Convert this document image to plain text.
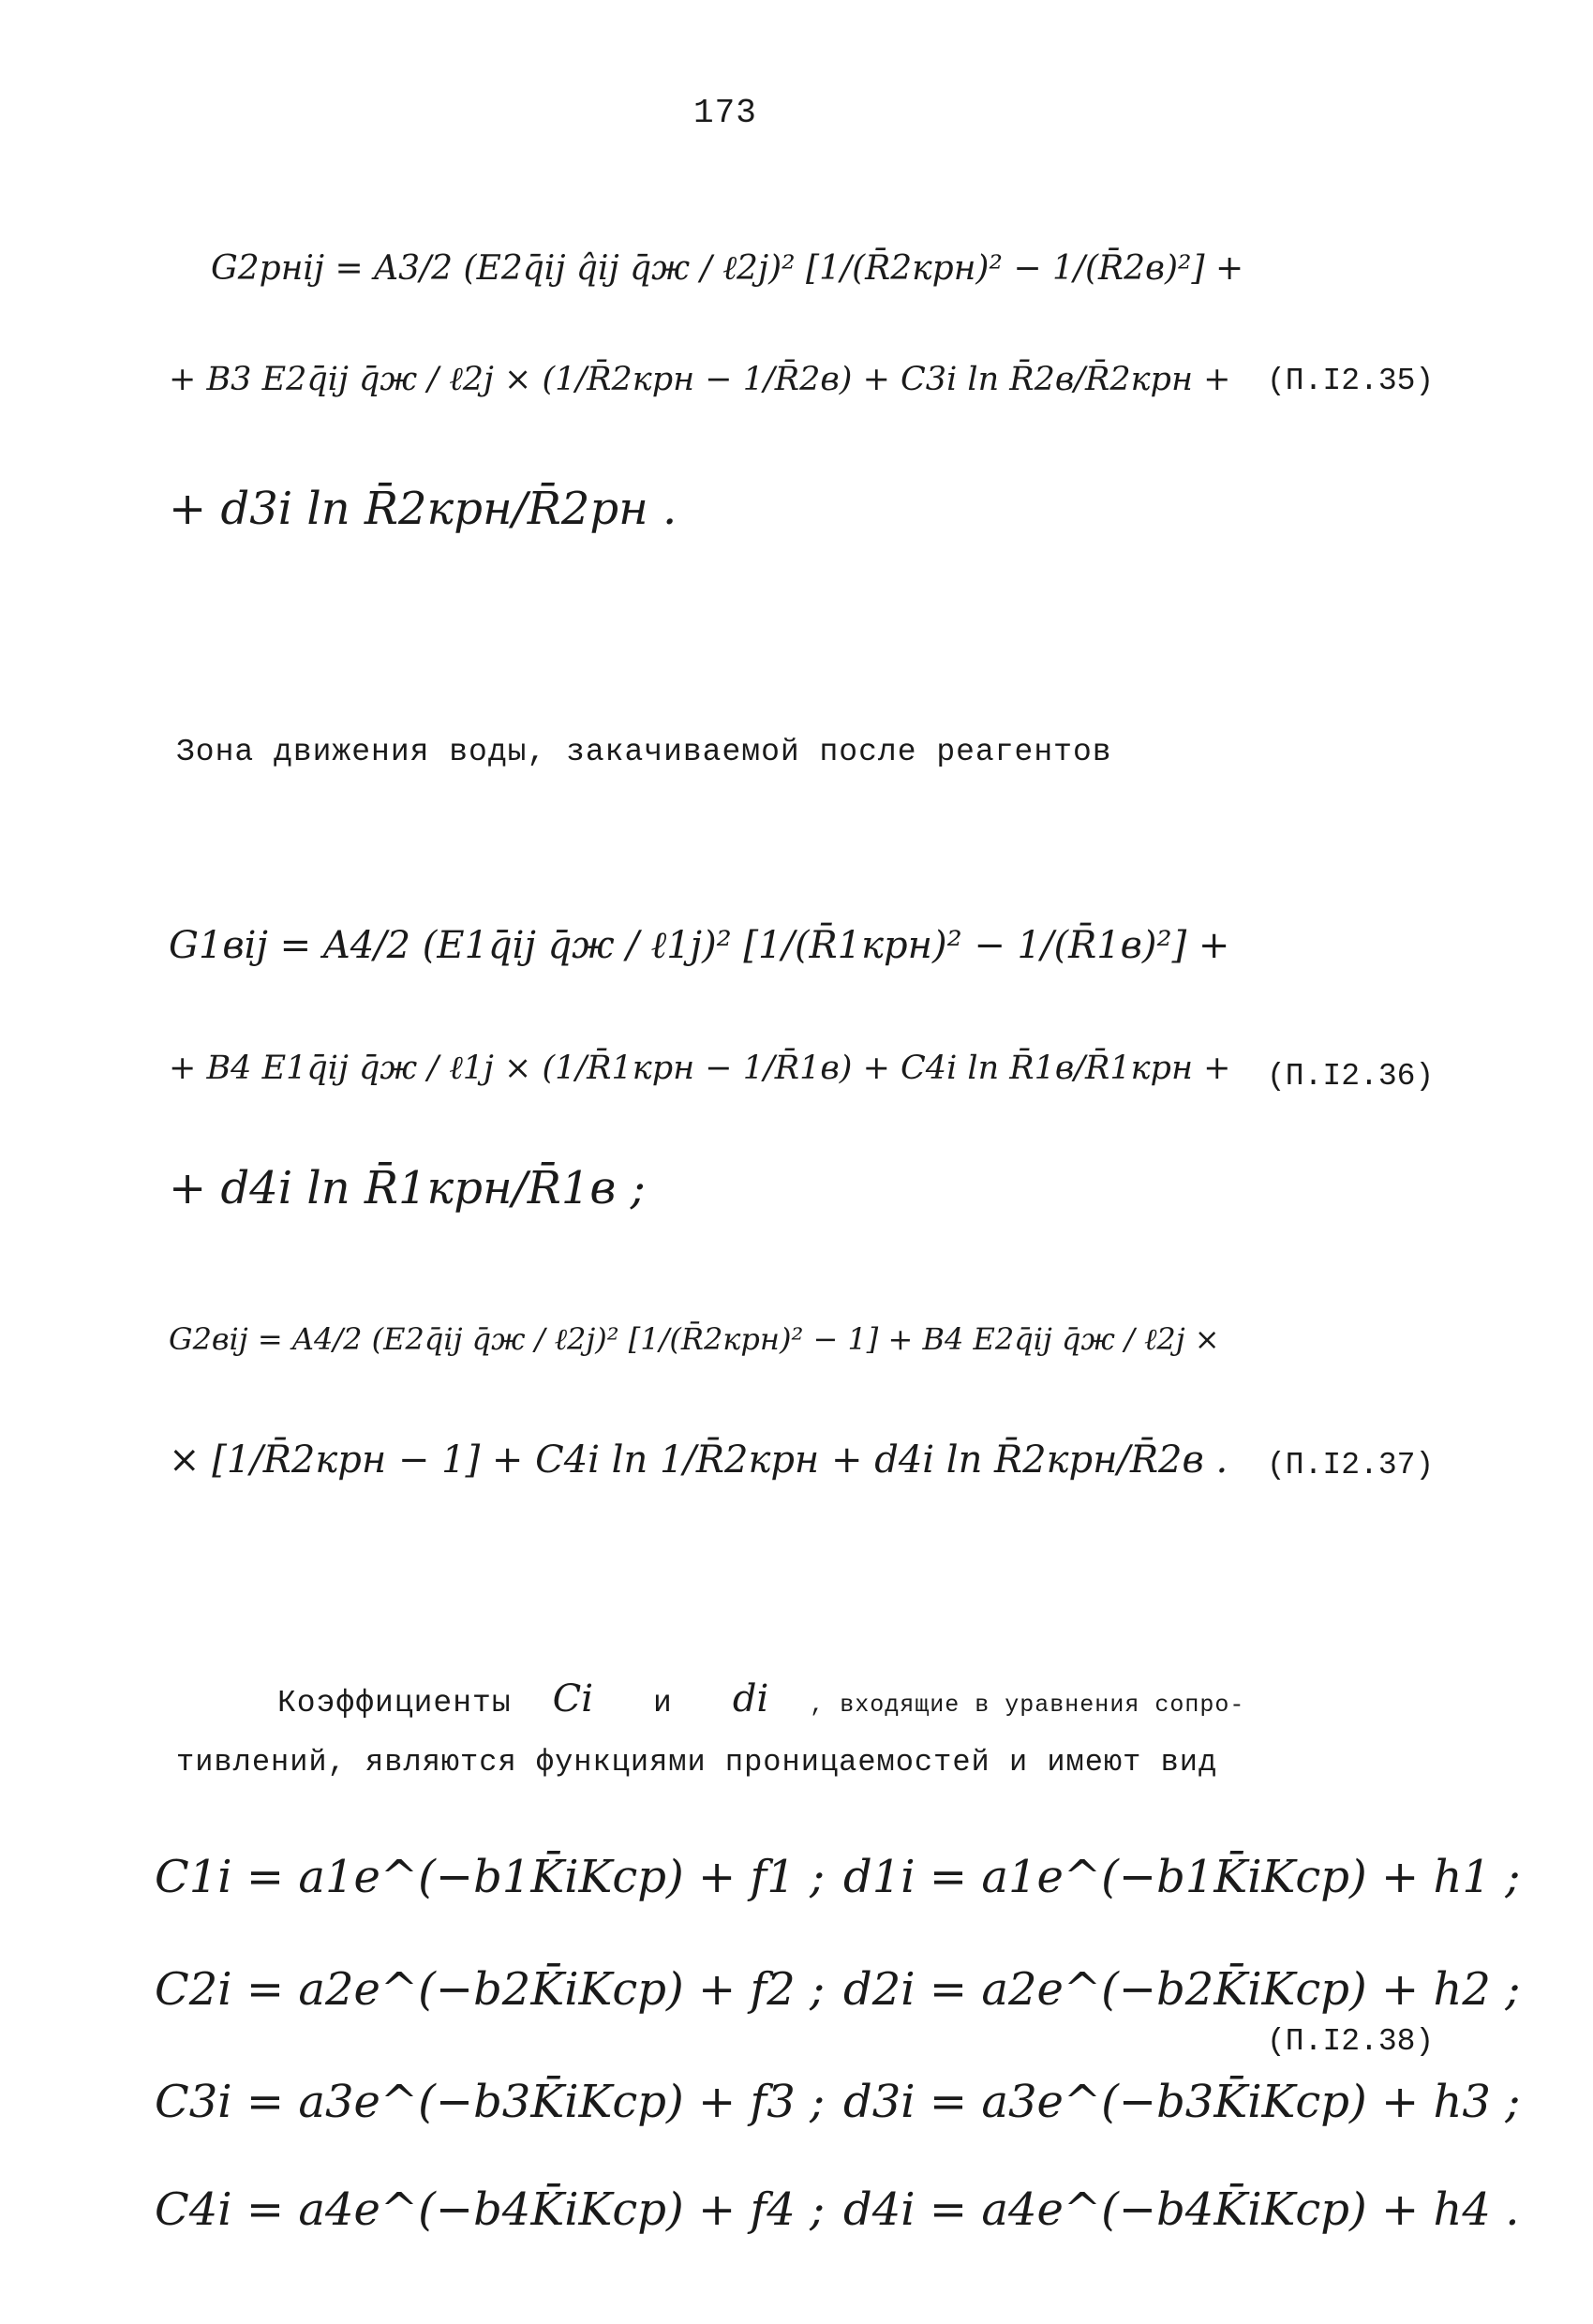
173
G2pнij = A3/2 (E2q̄ij q̂ij q̄ж / ℓ2j)² [1/(R̄2кpн)² − 1/(R̄2в)²] +
+ B3 E2q̄ij q̄ж / ℓ2j × (1/R̄2кpн − 1/R̄2в) + C3i ln R̄2в/R̄2кpн +
+ d3i ln R̄2кpн/R̄2pн .
(П.I2.35)
Зона движения воды, закачиваемой после реагентов
G1вij = A4/2 (E1q̄ij q̄ж / ℓ1j)² [1/(R̄1кpн)² − 1/(R̄1в)²] +
+ B4 E1q̄ij q̄ж / ℓ1j × (1/R̄1кpн − 1/R̄1в) + C4i ln R̄1в/R̄1кpн +
+ d4i ln R̄1кpн/R̄1в ;
(П.I2.36)
G2вij = A4/2 (E2q̄ij q̄ж / ℓ2j)² [1/(R̄2кpн)² − 1] + B4 E2q̄ij q̄ж / ℓ2j ×
× [1/R̄2кpн − 1] + C4i ln 1/R̄2кpн + d4i ln R̄2кpн/R̄2в . (П.I2.37)
Коэффициенты Ci и di , входящие в уравнения сопро-
тивлений, являются функциями проницаемостей и имеют вид
C1i = a1e^(−b1K̄iKcp) + f1 ; d1i = a1e^(−b1K̄iKcp) + h1 ;
C2i = a2e^(−b2K̄iKcp) + f2 ; d2i = a2e^(−b2K̄iKcp) + h2 ;
C3i = a3e^(−b3K̄iKcp) + f3 ; d3i = a3e^(−b3K̄iKcp) + h3 ;
C4i = a4e^(−b4K̄iKcp) + f4 ; d4i = a4e^(−b4K̄iKcp) + h4 .
(П.I2.38)
